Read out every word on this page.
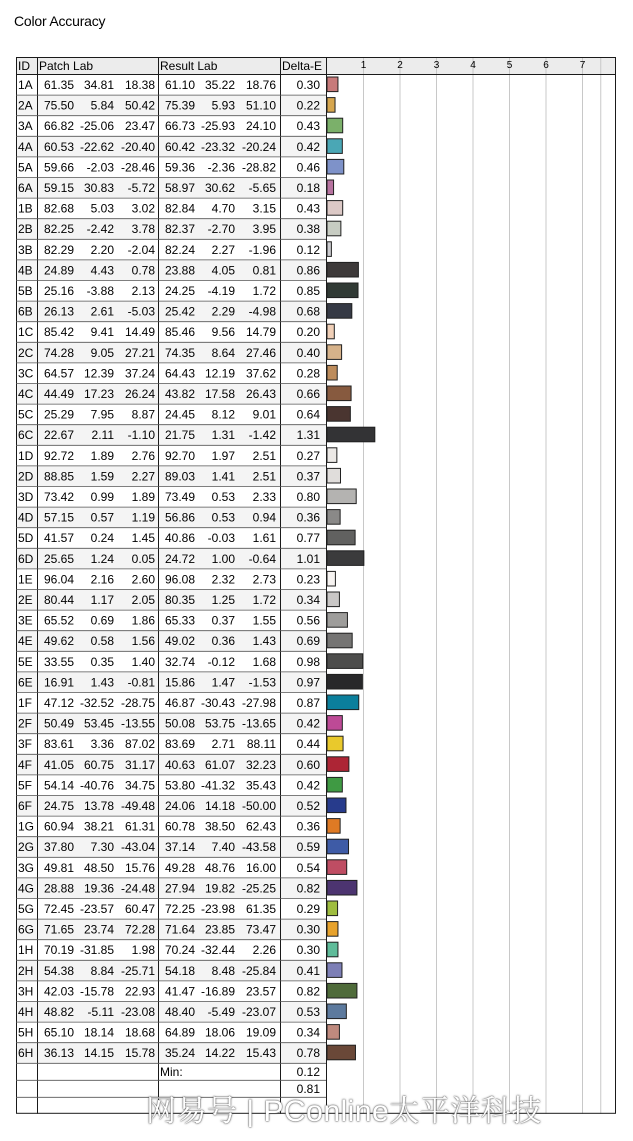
Color Accuracy
ID Patch Lab	Result Lab	Delta-E	1	2	3	4	5	6	7
1A 61.35 34.81 18.38 61.10 35.22 18.76 0.30
2A 75.50 5.84 50.42 75.39 5.93 51.10 0.22
3A 66.82 -25.06 23.47 66.73 -25.93 24.10 0.43
4A 60.53 -22.62 -20.40 60.42 -23.32 -20.24 0.42
5A 59.66 -2.03 -28.46 59.36 -2.36 -28.82 0.46
6A 59.15 30.83 -5.72 58.97 30.62 -5.65 0.18
1B 82.68 5.03 3.02 82.84 4.70 3.15 0.43
2B 82.25 -2.42 3.78 82.37 -2.70 3.95 0.38
3B 82.29 2.20 -2.04 82.24 2.27 -1.96 0.12
4B 24.89 4.43 0.78 23.88 4.05 0.81 0.86
5B 25.16 -3.88 2.13 24.25 -4.19 1.72 0.85
6B 26.13 2.61 -5.03 25.42 2.29 -4.98 0.68
1C 85.42 9.41 14.49 85.46 9.56 14.79 0.20
2C 74.28 9.05 27.21 74.35 8.64 27.46 0.40
3C 64.57 12.39 37.24 64.43 12.19 37.62 0.28
4C 44.49 17.23 26.24 43.82 17.58 26.43 0.66
5C 25.29 7.95 8.87 24.45 8.12 9.01 0.64
6C 22.67 2.11 -1.10 21.75 1.31 -1.42 1.31
1D 92.72 1.89 2.76 92.70 1.97 2.51 0.27
2D 88.85 1.59 2.27 89.03 1.41 2.51 0.37
3D 73.42 0.99 1.89 73.49 0.53 2.33 0.80
4D 57.15 0.57 1.19 56.86 0.53 0.94 0.36
5D 41.57 0.24 1.45 40.86 -0.03 1.61 0.77
6D 25.65 1.24 0.05 24.72 1.00 -0.64 1.01
1E 96.04 2.16 2.60 96.08 2.32 2.73 0.23
2E 80.44 1.17 2.05 80.35 1.25 1.72 0.34
3E 65.52 0.69 1.86 65.33 0.37 1.55 0.56
4E 49.62 0.58 1.56 49.02 0.36 1.43 0.69
5E 33.55 0.35 1.40 32.74 -0.12 1.68 0.98
6E 16.91 1.43 -0.81 15.86 1.47 -1.53 0.97
1F 47.12 -32.52 -28.75 46.87 -30.43 -27.98 0.87
2F 50.49 53.45 -13.55 50.08 53.75 -13.65 0.42
3F 83.61 3.36 87.02 83.69 2.71 88.11 0.44
4F 41.05 60.75 31.17 40.63 61.07 32.23 0.60
5F 54.14 -40.76 34.75 53.80 -41.32 35.43 0.42
6F 24.75 13.78 -49.48 24.06 14.18 -50.00 0.52
1G 60.94 38.21 61.31 60.78 38.50 62.43 0.36
2G 37.80 7.30 -43.04 37.14 7.40 -43.58 0.59
3G 49.81 48.50 15.76 49.28 48.76 16.00 0.54
4G 28.88 19.36 -24.48 27.94 19.82 -25.25 0.82
5G 72.45 -23.57 60.47 72.25 -23.98 61.35 0.29
6G 71.65 23.74 72.28 71.64 23.85 73.47 0.30
1H 70.19 -31.85 1.98 70.24 -32.44 2.26 0.30
2H 54.38 8.84 -25.71 54.18 8.48 -25.84 0.41
3H 42.03 -15.78 22.93 41.47 -16.89 23.57 0.82
4H 48.82 -5.11 -23.08 48.40 -5.49 -23.07 0.53
5H 65.10 18.14 18.68 64.89 18.06 19.09 0.34
6H 36.13 14.15 15.78 35.24 14.22 15.43 0.78
Min:	0.12
0.81
网易号 | PConline太平洋科技
